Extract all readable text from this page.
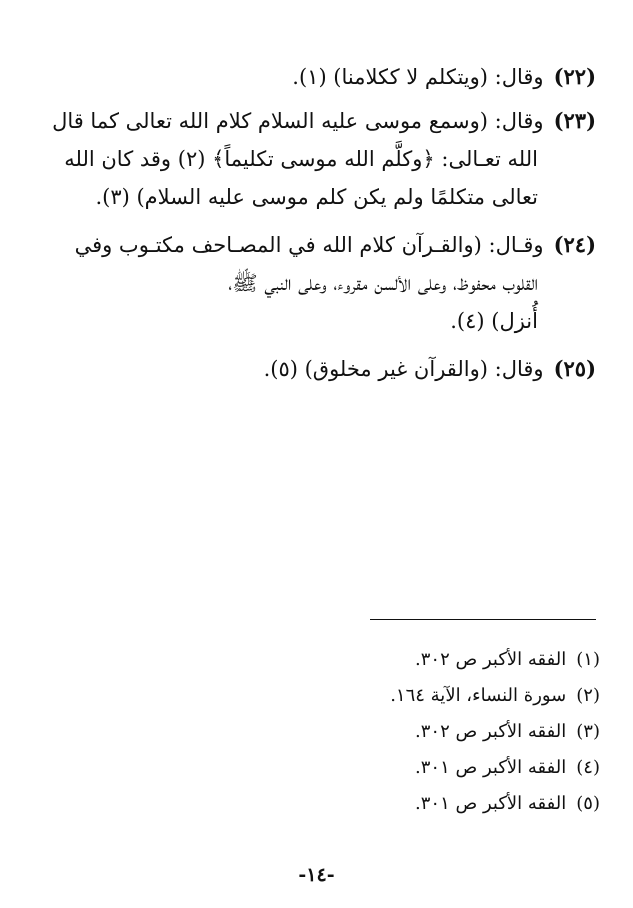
(٢٢)وقال: (ويتكلم لا ككلامنا) (١).
(٢٣)وقال: (وسمع موسى عليه السلام كلام الله تعالى كما قال
الله تعـالى: ﴿وكلَّم الله موسى تكليماً﴾ (٢) وقد كان الله
تعالى متكلمًا ولم يكن كلم موسى عليه السلام) (٣).
(٢٤)وقـال: (والقـرآن كلام الله في المصـاحف مكتـوب وفي
القلوب محفوظ، وعلى الألسن مقروء، وعلى النبي ﷺ،
أُنزل) (٤).
(٢٥)وقال: (والقرآن غير مخلوق) (٥).
(١)الفقه الأكبر ص ٣٠٢.
(٢)سورة النساء، الآية ١٦٤.
(٣)الفقه الأكبر ص ٣٠٢.
(٤)الفقه الأكبر ص ٣٠١.
(٥)الفقه الأكبر ص ٣٠١.
-١٤-
